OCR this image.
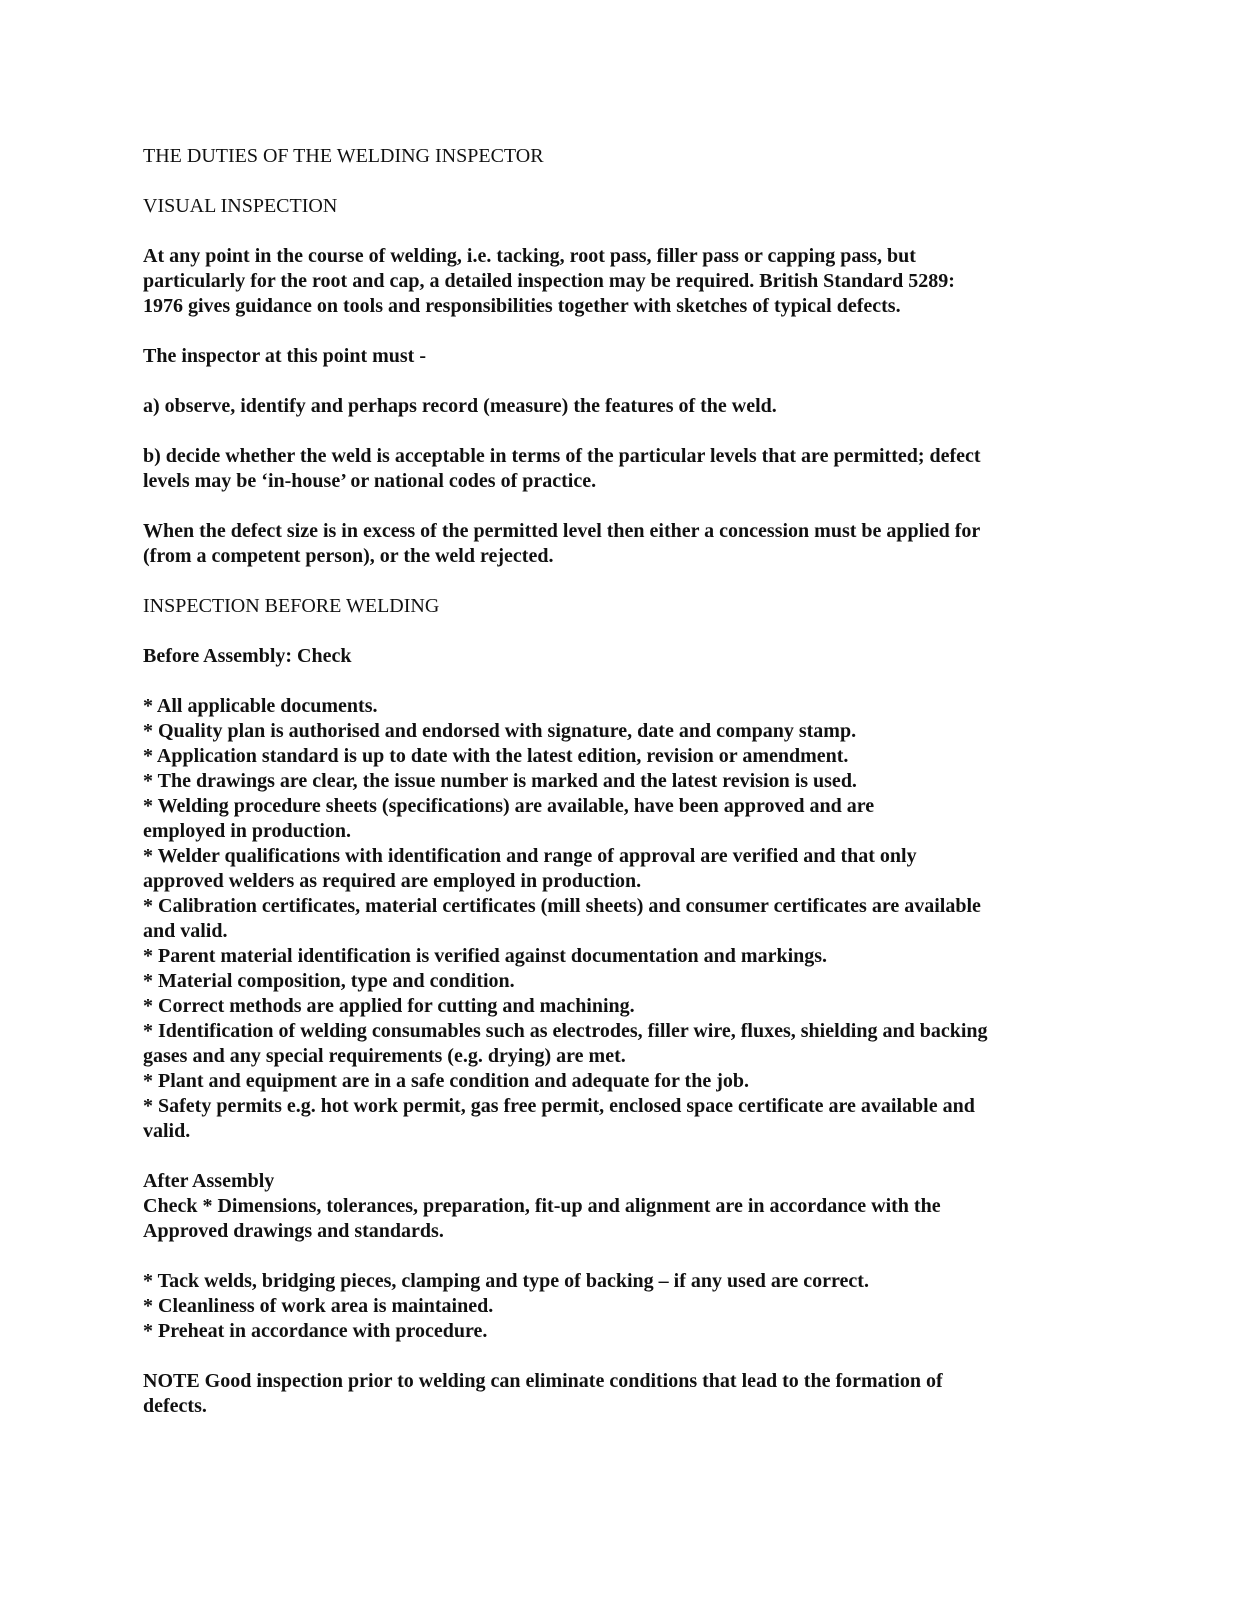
THE DUTIES OF THE WELDING INSPECTOR
VISUAL INSPECTION
At any point in the course of welding, i.e. tacking, root pass, filler pass or capping pass, but
particularly for the root and cap, a detailed inspection may be required. British Standard 5289:
1976 gives guidance on tools and responsibilities together with sketches of typical defects.
The inspector at this point must -
a) observe, identify and perhaps record (measure) the features of the weld.
b) decide whether the weld is acceptable in terms of the particular levels that are permitted; defect
levels may be ‘in-house’ or national codes of practice.
When the defect size is in excess of the permitted level then either a concession must be applied for
(from a competent person), or the weld rejected.
INSPECTION BEFORE WELDING
Before Assembly: Check
* All applicable documents.
* Quality plan is authorised and endorsed with signature, date and company stamp.
* Application standard is up to date with the latest edition, revision or amendment.
* The drawings are clear, the issue number is marked and the latest revision is used.
* Welding procedure sheets (specifications) are available, have been approved and are
employed in production.
* Welder qualifications with identification and range of approval are verified and that only
approved welders as required are employed in production.
* Calibration certificates, material certificates (mill sheets) and consumer certificates are available
and valid.
* Parent material identification is verified against documentation and markings.
* Material composition, type and condition.
* Correct methods are applied for cutting and machining.
* Identification of welding consumables such as electrodes, filler wire, fluxes, shielding and backing
gases and any special requirements (e.g. drying) are met.
* Plant and equipment are in a safe condition and adequate for the job.
* Safety permits e.g. hot work permit, gas free permit, enclosed space certificate are available and
valid.
After Assembly
Check * Dimensions, tolerances, preparation, fit-up and alignment are in accordance with the
Approved drawings and standards.
* Tack welds, bridging pieces, clamping and type of backing – if any used are correct.
* Cleanliness of work area is maintained.
* Preheat in accordance with procedure.
NOTE Good inspection prior to welding can eliminate conditions that lead to the formation of
defects.
